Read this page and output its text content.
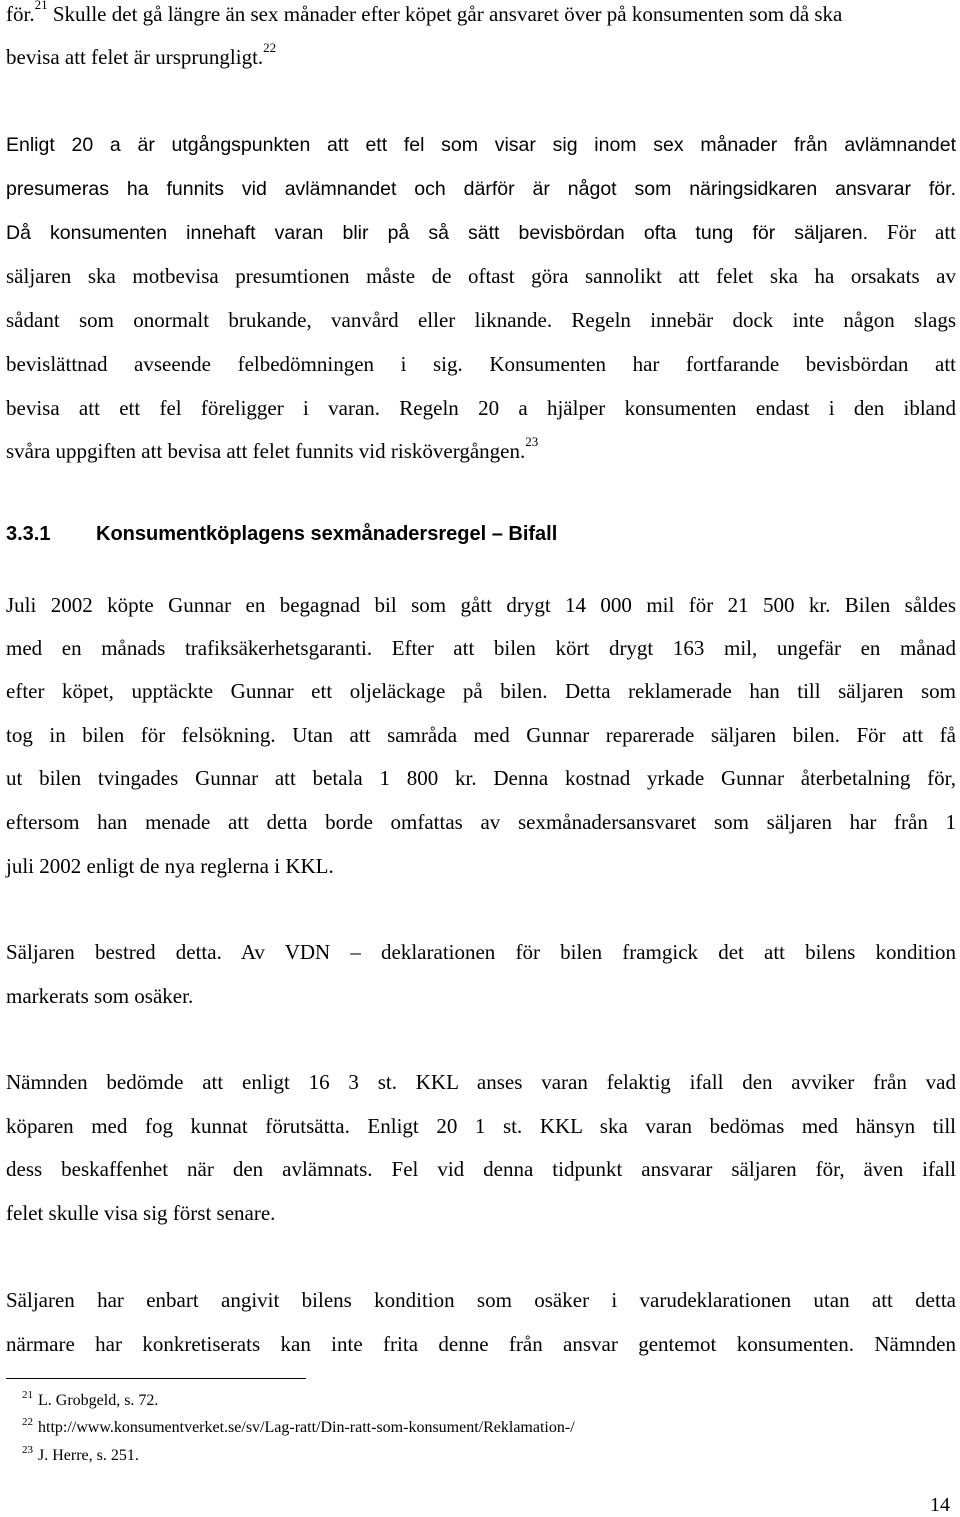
för.$^{21}$ Skulle det gå längre än sex månader efter köpet går ansvaret över på konsumenten som då ska
bevisa att felet är ursprungligt.$^{22}$
Enligt 20 a är utgångspunkten att ett fel som visar sig inom sex månader från avlämnandet
presumeras ha funnits vid avlämnandet och därför är något som näringsidkaren ansvarar för.
Då konsumenten innehaft varan blir på så sätt bevisbördan ofta tung för säljaren. För att
säljaren ska motbevisa presumtionen måste de oftast göra sannolikt att felet ska ha orsakats av
sådant som onormalt brukande, vanvård eller liknande. Regeln innebär dock inte någon slags
bevislättnad avseende felbedömningen i sig. Konsumenten har fortfarande bevisbördan att
bevisa att ett fel föreligger i varan. Regeln 20 a hjälper konsumenten endast i den ibland
svåra uppgiften att bevisa att felet funnits vid riskövergången.$^{23}$
3.3.1 Konsumentköplagens sexmånadersregel – Bifall
Juli 2002 köpte Gunnar en begagnad bil som gått drygt 14 000 mil för 21 500 kr. Bilen såldes
med en månads trafiksäkerhetsgaranti. Efter att bilen kört drygt 163 mil, ungefär en månad
efter köpet, upptäckte Gunnar ett oljeläckage på bilen. Detta reklamerade han till säljaren som
tog in bilen för felsökning. Utan att samråda med Gunnar reparerade säljaren bilen. För att få
ut bilen tvingades Gunnar att betala 1 800 kr. Denna kostnad yrkade Gunnar återbetalning för,
eftersom han menade att detta borde omfattas av sexmånadersansvaret som säljaren har från 1
juli 2002 enligt de nya reglerna i KKL.
Säljaren bestred detta. Av VDN – deklarationen för bilen framgick det att bilens kondition
markerats som osäker.
Nämnden bedömde att enligt 16 3 st. KKL anses varan felaktig ifall den avviker från vad
köparen med fog kunnat förutsätta. Enligt 20 1 st. KKL ska varan bedömas med hänsyn till
dess beskaffenhet när den avlämnats. Fel vid denna tidpunkt ansvarar säljaren för, även ifall
felet skulle visa sig först senare.
Säljaren har enbart angivit bilens kondition som osäker i varudeklarationen utan att detta
närmare har konkretiserats kan inte frita denne från ansvar gentemot konsumenten. Nämnden
$^{21}$ L. Grobgeld, s. 72.
$^{22}$ http://www.konsumentverket.se/sv/Lag-ratt/Din-ratt-som-konsument/Reklamation-/
$^{23}$ J. Herre, s. 251.
14
